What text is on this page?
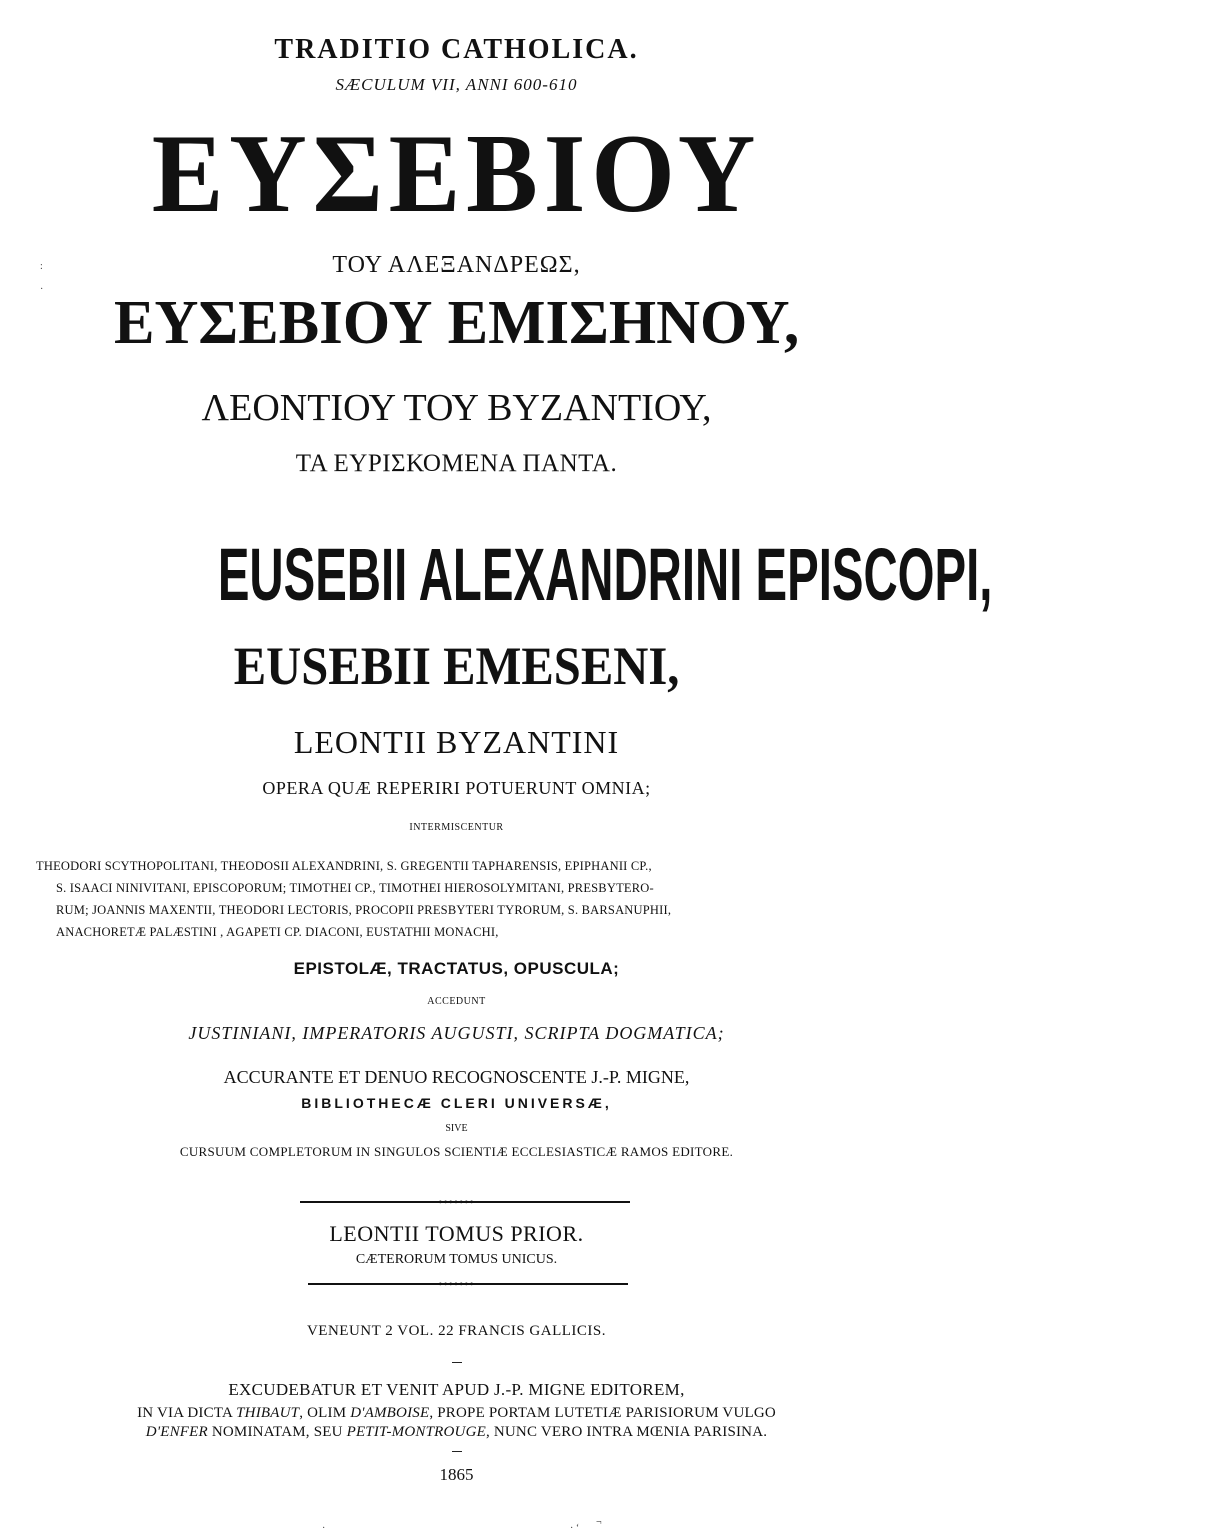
TRADITIO CATHOLICA.
SÆCULUM VII, ANNI 600-610
ΕΥΣΕΒΙΟΥ
ΤΟΥ ΑΛΕΞΑΝΔΡΕΩΣ,
ΕΥΣΕΒΙΟΥ ΕΜΙΣΗΝΟΥ,
ΛΕΟΝΤΙΟΥ ΤΟΥ ΒΥΖΑΝΤΙΟΥ,
ΤΑ ΕΥΡΙΣΚΟΜΕΝΑ ΠΑΝΤΑ.
EUSEBII ALEXANDRINI EPISCOPI,
EUSEBII EMESENI,
LEONTII BYZANTINI
OPERA QUÆ REPERIRI POTUERUNT OMNIA;
INTERMISCENTUR
THEODORI SCYTHOPOLITANI, THEODOSII ALEXANDRINI, S. GREGENTII TAPHARENSIS, EPIPHANII CP.,
S. ISAACI NINIVITANI, EPISCOPORUM; TIMOTHEI CP., TIMOTHEI HIEROSOLYMITANI, PRESBYTERO-
RUM; JOANNIS MAXENTII, THEODORI LECTORIS, PROCOPII PRESBYTERI TYRORUM, S. BARSANUPHII,
ANACHORETÆ PALÆSTINI , AGAPETI CP. DIACONI, EUSTATHII MONACHI,
EPISTOLÆ, TRACTATUS, OPUSCULA;
ACCEDUNT
JUSTINIANI, IMPERATORIS AUGUSTI, SCRIPTA DOGMATICA;
ACCURANTE ET DENUO RECOGNOSCENTE J.-P. MIGNE,
BIBLIOTHECÆ CLERI UNIVERSÆ,
SIVE
CURSUUM COMPLETORUM IN SINGULOS SCIENTIÆ ECCLESIASTICÆ RAMOS EDITORE.
•••••••
LEONTII TOMUS PRIOR.
CÆTERORUM TOMUS UNICUS.
•••••••
VENEUNT 2 VOL. 22 FRANCIS GALLICIS.
EXCUDEBATUR ET VENIT APUD J.-P. MIGNE EDITOREM,
IN VIA DICTA THIBAUT, OLIM D'AMBOISE, PROPE PORTAM LUTETIÆ PARISIORUM VULGO
D'ENFER NOMINATAM, SEU PETIT-MONTROUGE, NUNC VERO INTRA MŒNIA PARISINA.
1865
·	· ‘
¬
:
·
